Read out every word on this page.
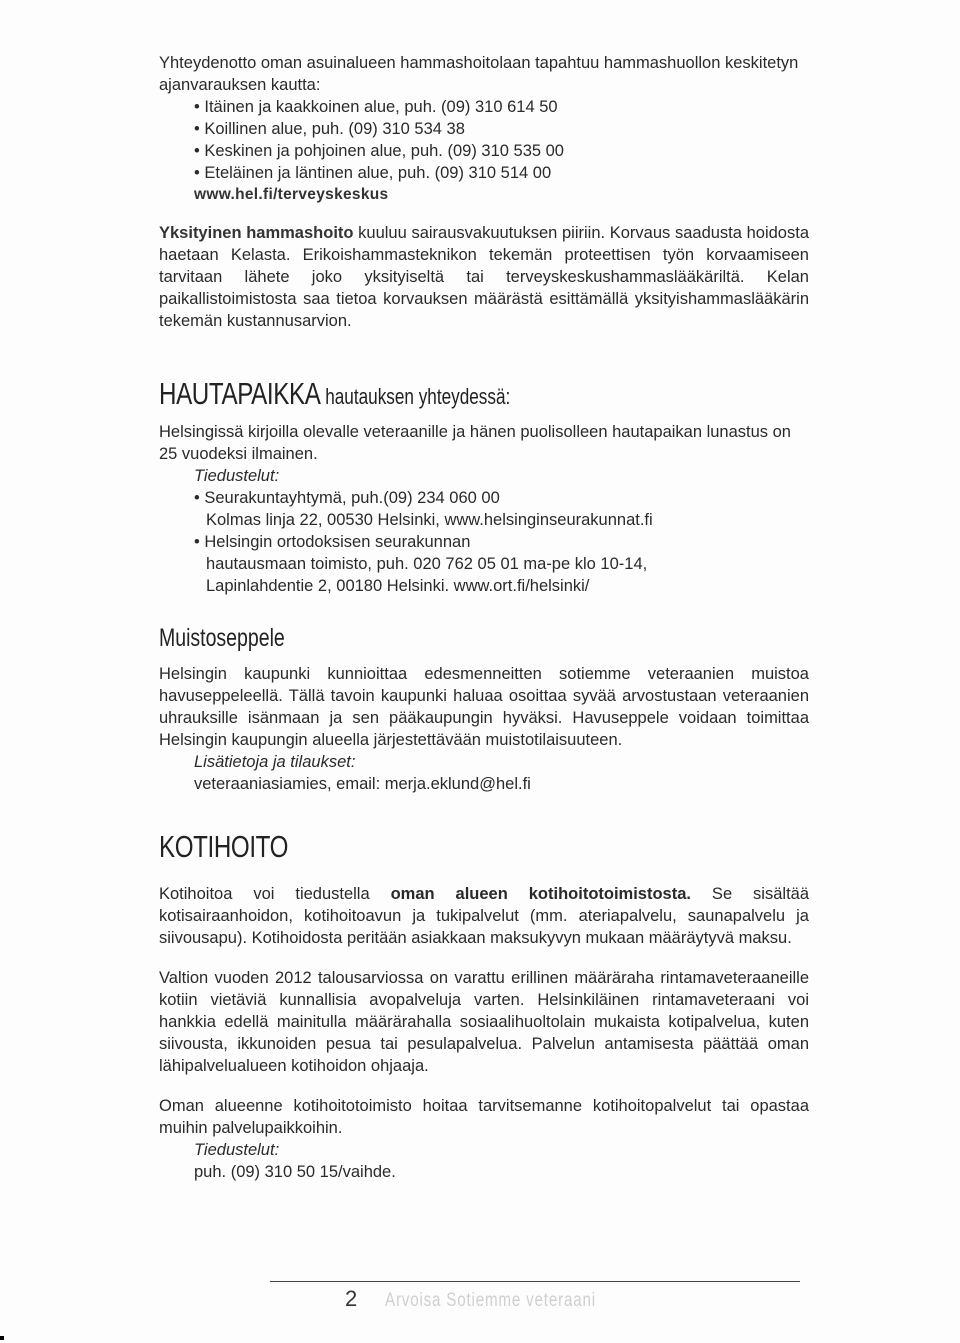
Yhteydenotto oman asuinalueen hammashoitolaan tapahtuu hammashuollon keskitetyn ajanvarauksen kautta:

• Itäinen ja kaakkoinen alue, puh. (09) 310 614 50
• Koillinen alue, puh. (09) 310 534 38
• Keskinen ja pohjoinen alue, puh. (09) 310 535 00
• Eteläinen ja läntinen alue, puh. (09) 310 514 00
www.hel.fi/terveyskeskus

Yksityinen hammashoito kuuluu sairausvakuutuksen piiriin. Korvaus saadusta hoidosta haetaan Kelasta. Erikoishammasteknikon tekemän proteettisen työn korvaamiseen tarvitaan lähete joko yksityiseltä tai terveyskeskushammaslääkäriltä. Kelan paikallistoimistosta saa tietoa korvauksen määrästä esittämällä yksityishammaslääkärin tekemän kustannusarvion.

HAUTAPAIKKA hautauksen yhteydessä:

Helsingissä kirjoilla olevalle veteraanille ja hänen puolisolleen hautapaikan lunastus on 25 vuodeksi ilmainen.

Tiedustelut:
• Seurakuntayhtymä, puh.(09) 234 060 00
Kolmas linja 22, 00530 Helsinki, www.helsinginseurakunnat.fi
• Helsingin ortodoksisen seurakunnan
hautausmaan toimisto, puh. 020 762 05 01 ma-pe klo 10-14,
Lapinlahdentie 2, 00180 Helsinki. www.ort.fi/helsinki/
Muistoseppele

Helsingin kaupunki kunnioittaa edesmenneitten sotiemme veteraanien muistoa havuseppeleellä. Tällä tavoin kaupunki haluaa osoittaa syvää arvostustaan veteraanien uhrauksille isänmaan ja sen pääkaupungin hyväksi. Havuseppele voidaan toimittaa Helsingin kaupungin alueella järjestettävään muistotilaisuuteen.

Lisätietoja ja tilaukset:
veteraaniasiamies, email: merja.eklund@hel.fi
KOTIHOITO

Kotihoitoa voi tiedustella oman alueen kotihoitotoimistosta. Se sisältää kotisairaanhoidon, kotihoitoavun ja tukipalvelut (mm. ateriapalvelu, saunapalvelu ja siivousapu). Kotihoidosta peritään asiakkaan maksukyvyn mukaan määräytyvä maksu.

Valtion vuoden 2012 talousarviossa on varattu erillinen määräraha rintamaveteraaneille kotiin vietäviä kunnallisia avopalveluja varten. Helsinkiläinen rintamaveteraani voi hankkia edellä mainitulla määrärahalla sosiaalihuoltolain mukaista kotipalvelua, kuten siivousta, ikkunoiden pesua tai pesulapalvelua. Palvelun antamisesta päättää oman lähipalvelualueen kotihoidon ohjaaja.

Oman alueenne kotihoitotoimisto hoitaa tarvitsemanne kotihoitopalvelut tai opastaa muihin palvelupaikkoihin.

Tiedustelut:
puh. (09) 310 50 15/vaihde.
2 Arvoisa Sotiemme veteraani
